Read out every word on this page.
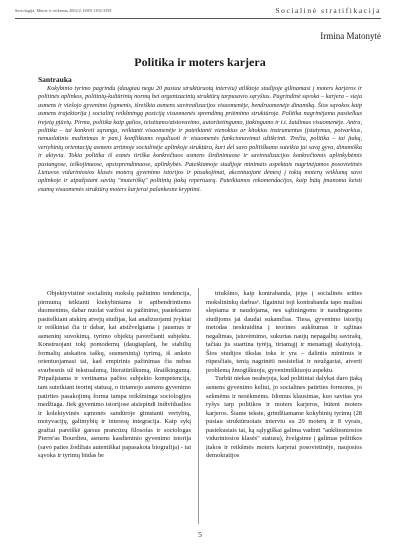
Sociologija. Mintis ir veiksmas 2002/2, ISSN 1392-3358	Socialinė stratifikacija
Irmina Matonytė
Politika ir moters karjera
Santrauka

Kokybinio tyrimo pagrindu (daugiau negu 20 pusiau struktūruotų interviu) atliktoje studijoje gilinamasi į moters karjeros ir politinės aplinkos, politinių-kultūrinių normų bei organizacinių struktūrų tarpusavio sąryšius. Pagrindinė sąvoka – karjera – sieja asmens ir viešojo gyvenimo lygmenis, išreiškia asmens savirealizacijos visuomenėje, bendruomenėje dinamiką. Šios sąvokos kaip asmens trajektorija į socialinį reikšmingą poziciją visuomenės sprendimų priėmimo struktūroje. Politika nagrinėjama pasitelkus trejetą pjūvių. Pirma, politika kaip galios, teisėtumo/atstovavimo, autoritetingumo, įtakingumo ir t.t. žaidimas visuomenėje. Antra, politika – tai konkreti sąranga, veikianti visuomenėje ir pateikianti vienokius ar kitokius instrumentus (įstatymus, potvarkius, nenuolatinis mažinimas ir pan.) konfliktams reguliuoti ir visuomenės funkcionavimui užtikrinti. Trečia, politika – tai įtakų, vertybinių orientacijų asmens artimoje socialinėje aplinkoje struktūra, kuri del savo politiškumo suteikia jai savą gyva, dinamiška ir aktyvia. Tokia politika iš esmės tiriška konkrečiuos asmens širdinimuose ir savirealizacijos konkrečiomis aplinkybėmis pastangose, ieškojimuose, apsisprendimuose, aplinkybės. Pateikiamoje studijoje minimais aspektais nagrinėjamos posovietinės Lietuvos viduriniosios klasės moterų gyvenimo istorijos ir pasakojimai, akcentuojant dėmesį į tokių moterų veiklumą savo aplinkoje ir atpažįstant savitą "moteriškų" politinių įtakų repertuarą. Pateikiamos rekomendacijos, kaip būtų įmanoma keisti esamą visuomenės struktūrą moters karjerai palankesne kryptimi.

Objektyvistinė socialinių mokslų pažinimo tendencija, pirmumą teikianti kiekybiniams ir apibendrintiems duomenims, dabar nuolat varžosi su pažinimo, pasiekiamo pasitelkiant atskirų atvejų studijas, kai analizuojami įvykiai ir reiškiniai čia ir dabar, kai atsižvelgiama į jausmus ir asmeninį suvokimą, tyrimo objektą paverčianti subjektu. Konstruojant tokį pomodernų (daugiaplanį, be stabilių formalių atskaitos taškų, susmenintą) tyrimą, iš anksto orientuojamasi tai, kad empirinis pažinimas čia nebus svarbesnis už tekstualumą, literatūriškumą, išraiškingumą. Pripažįstama ir vertinama pačios subjekto kompetencija, tam suteikiant teorinį statusą, o tiriamojo asmens gyvenimo patirties pasakojimų forma tampa reikšminga sociologijos medžiaga. Jiek gyvenimo istorijose atsispindi individualios ir kolektyvinės sąmonės sandūroje gimstanti vertybių, motyvacijų, galimybių ir interesų integracija. Kaip sykį gražiai pareiškė garsus prancūzų filosofas ir sociologas Pierre'as Bourdieu, asmens kasdieninio gyvenimo istorija (savo paties žodžiais autentiškai papasakota biografija) - tai sąvoka ir tyrimų būdas be

triukšmo, kaip kontrabanda, įėjęs į socialinės srities mokslininkų darbus¹. Ilgainiui toji kontrabanda tapo mažiau slepiama ir naudojama, nes sąžiningoms ir naudinguoms studijoms jai daudai sukamčias. Tiesa, gyvenimo istorijų metodas neskraidina į teorines aukštumas ir sąžinas negalimas, įsiuvėmimo, sukurtas naujų nepagalbų savirašų, tačiau jis suartina tyrėją, tiriamąjį ir menamąjį skaitytoją. Šios studijos tikslas toks ir yra – dalintis mintimis ir rūpesčiais, tenią nagrinėti nesisteliai ir neužgariai, atverti problemą žmogiškuoju, gyvenimiškiuoju aspektu.

Turbūt niekas neabejoja, kad politiniai dalykai daro įtaką asmens gyvenimo keliui, jo socialines patirties formoms, jo sekmėms ir nesėkmėms. Idomus klausimas, kuo savitas yra ryšys tarp politikos ir moters karjeros, būtent moters karjeros. Šiame tekste, grindžiamame kokybinių tyrimų (28 pusiau struktūruotais interviu su 20 moterų ir 8 vyrais, pasiekusiais tai, ką sąlygiškai galima vadinti "aukštesniosios viduriniosios klasės" statusu), žvelgsime į galimas politikos įtakos ir reikšmės moters karjerai posovietinėje, naujosios demokratijos

5
